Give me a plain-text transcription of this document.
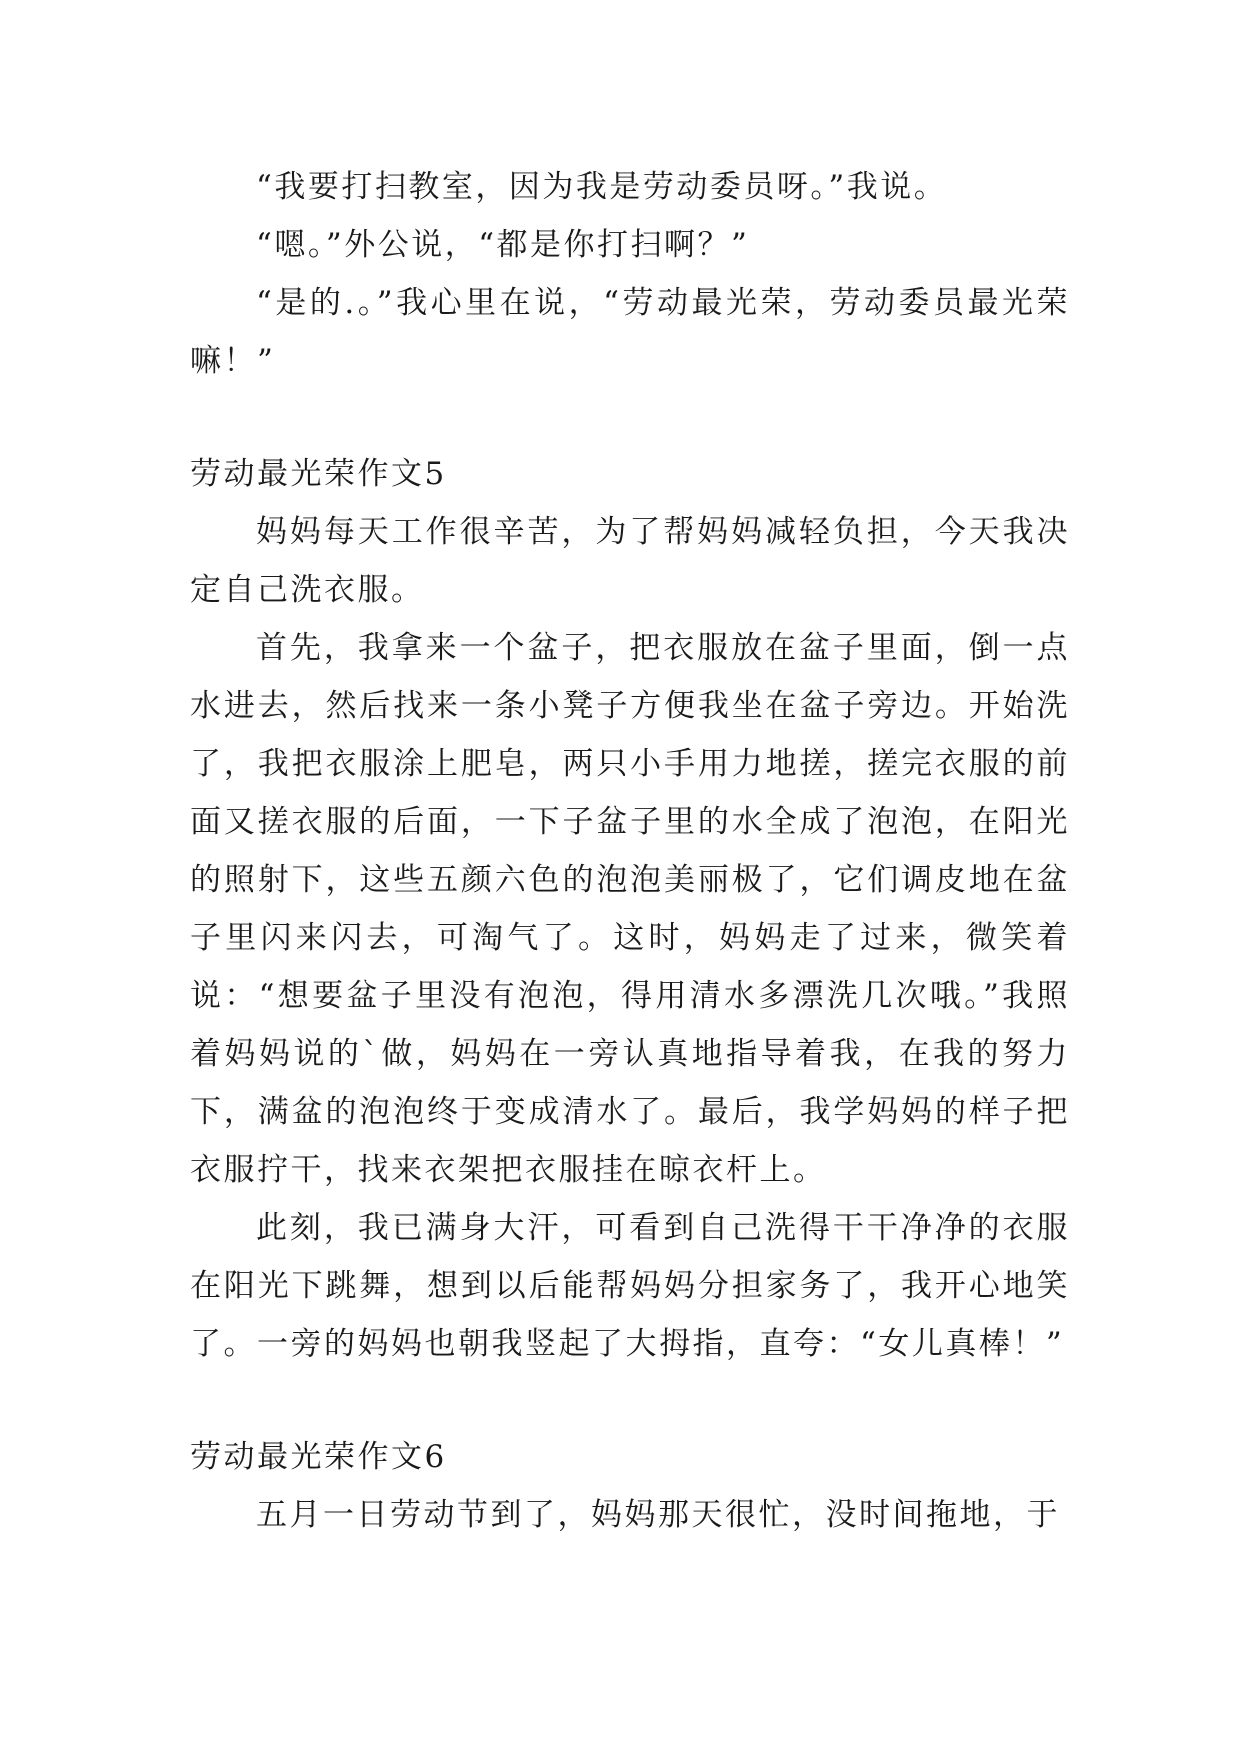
“我要打扫教室，因为我是劳动委员呀。”我说。

“嗯。”外公说，“都是你打扫啊？”

“是的.。”我心里在说，“劳动最光荣，劳动委员最光荣嘛！”

劳动最光荣作文5

妈妈每天工作很辛苦，为了帮妈妈减轻负担，今天我决定自己洗衣服。

首先，我拿来一个盆子，把衣服放在盆子里面，倒一点水进去，然后找来一条小凳子方便我坐在盆子旁边。开始洗了，我把衣服涂上肥皂，两只小手用力地搓，搓完衣服的前面又搓衣服的后面，一下子盆子里的水全成了泡泡，在阳光的照射下，这些五颜六色的泡泡美丽极了，它们调皮地在盆子里闪来闪去，可淘气了。这时，妈妈走了过来，微笑着说：“想要盆子里没有泡泡，得用清水多漂洗几次哦。”我照着妈妈说的`做，妈妈在一旁认真地指导着我，在我的努力下，满盆的泡泡终于变成清水了。最后，我学妈妈的样子把衣服拧干，找来衣架把衣服挂在晾衣杆上。

此刻，我已满身大汗，可看到自己洗得干干净净的衣服在阳光下跳舞，想到以后能帮妈妈分担家务了，我开心地笑了。一旁的妈妈也朝我竖起了大拇指，直夸：“女儿真棒！”

劳动最光荣作文6

五月一日劳动节到了，妈妈那天很忙，没时间拖地，于
